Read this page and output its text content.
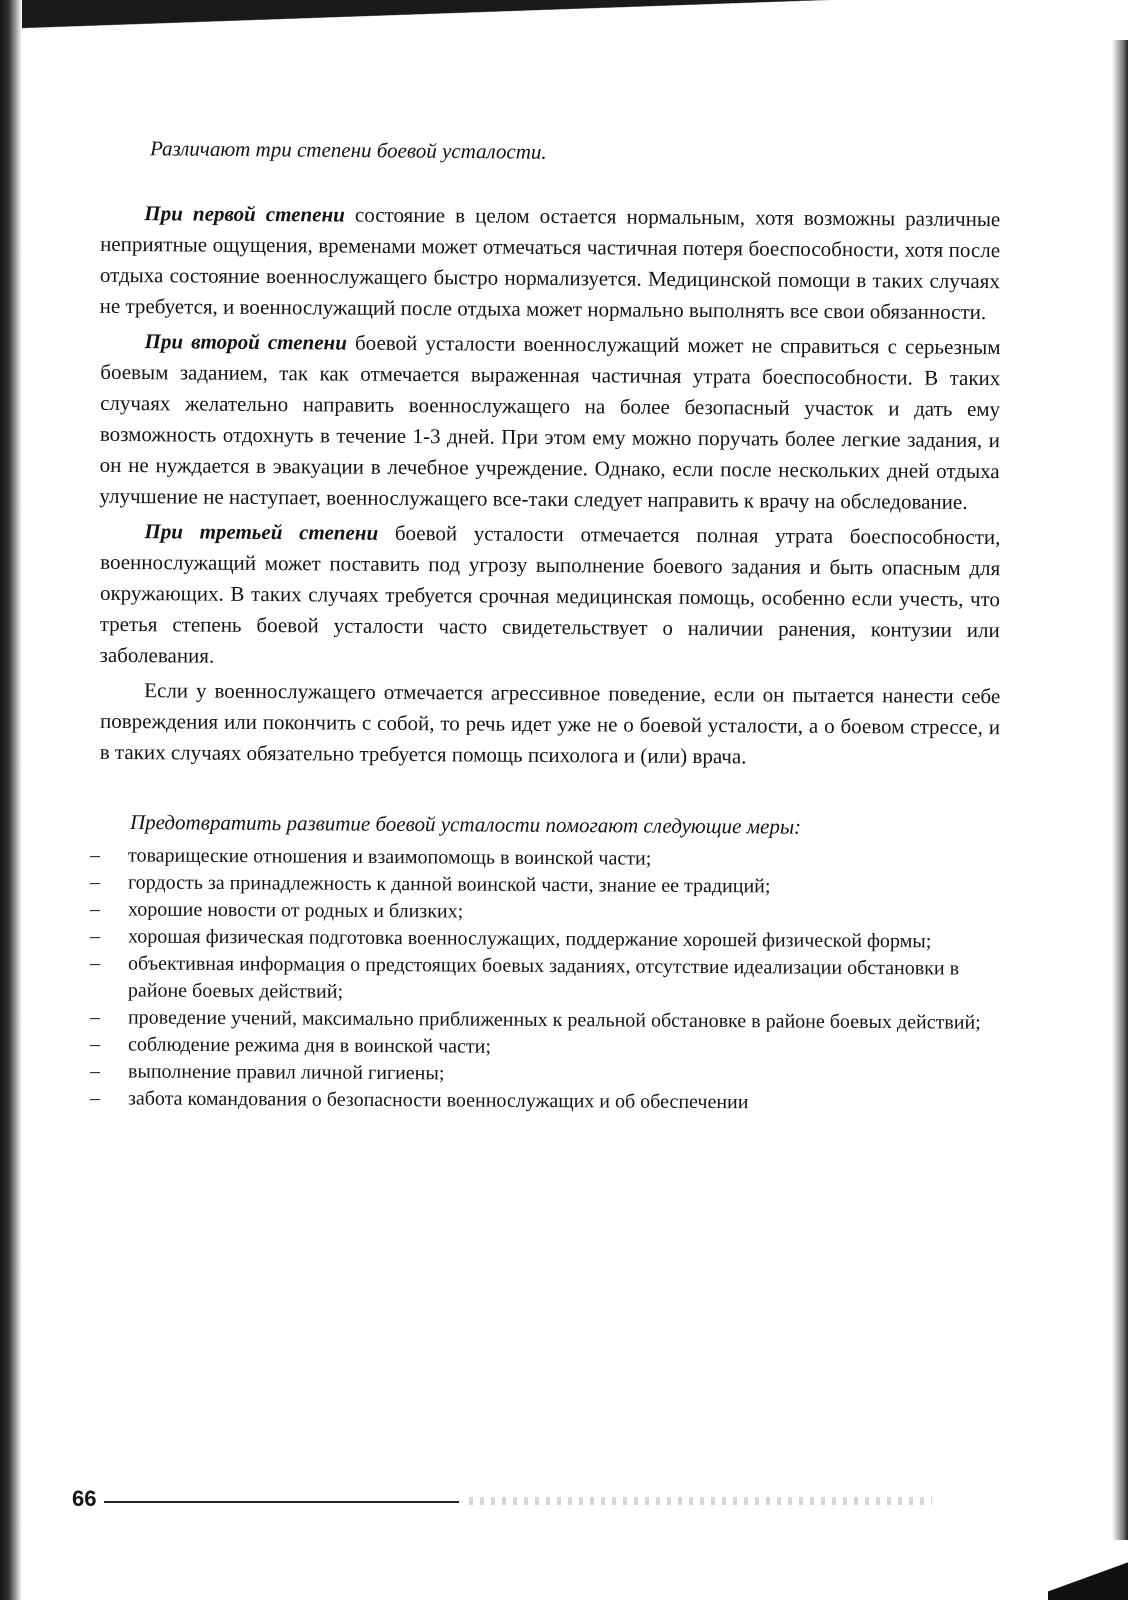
Различают три степени боевой усталости.

При первой степени состояние в целом остается нормальным, хотя возможны различные неприятные ощущения, временами может отмечаться частичная потеря боеспособности, хотя после отдыха состояние военнослужащего быстро нормализуется. Медицинской помощи в таких случаях не требуется, и военнослужащий после отдыха может нормально выполнять все свои обязанности.

При второй степени боевой усталости военнослужащий может не справиться с серьезным боевым заданием, так как отмечается выраженная частичная утрата боеспособности. В таких случаях желательно направить военнослужащего на более безопасный участок и дать ему возможность отдохнуть в течение 1-3 дней. При этом ему можно поручать более легкие задания, и он не нуждается в эвакуации в лечебное учреждение. Однако, если после нескольких дней отдыха улучшение не наступает, военнослужащего все-таки следует направить к врачу на обследование.

При третьей степени боевой усталости отмечается полная утрата боеспособности, военнослужащий может поставить под угрозу выполнение боевого задания и быть опасным для окружающих. В таких случаях требуется срочная медицинская помощь, особенно если учесть, что третья степень боевой усталости часто свидетельствует о наличии ранения, контузии или заболевания.

Если у военнослужащего отмечается агрессивное поведение, если он пытается нанести себе повреждения или покончить с собой, то речь идет уже не о боевой усталости, а о боевом стрессе, и в таких случаях обязательно требуется помощь психолога и (или) врача.

Предотвратить развитие боевой усталости помогают следующие меры:
– товарищеские отношения и взаимопомощь в воинской части;
– гордость за принадлежность к данной воинской части, знание ее традиций;
– хорошие новости от родных и близких;
– хорошая физическая подготовка военнослужащих, поддержание хорошей физической формы;
– объективная информация о предстоящих боевых заданиях, отсутствие идеализации обстановки в районе боевых действий;
– проведение учений, максимально приближенных к реальной обстановке в районе боевых действий;
– соблюдение режима дня в воинской части;
– выполнение правил личной гигиены;
– забота командования о безопасности военнослужащих и об обеспечении
66
